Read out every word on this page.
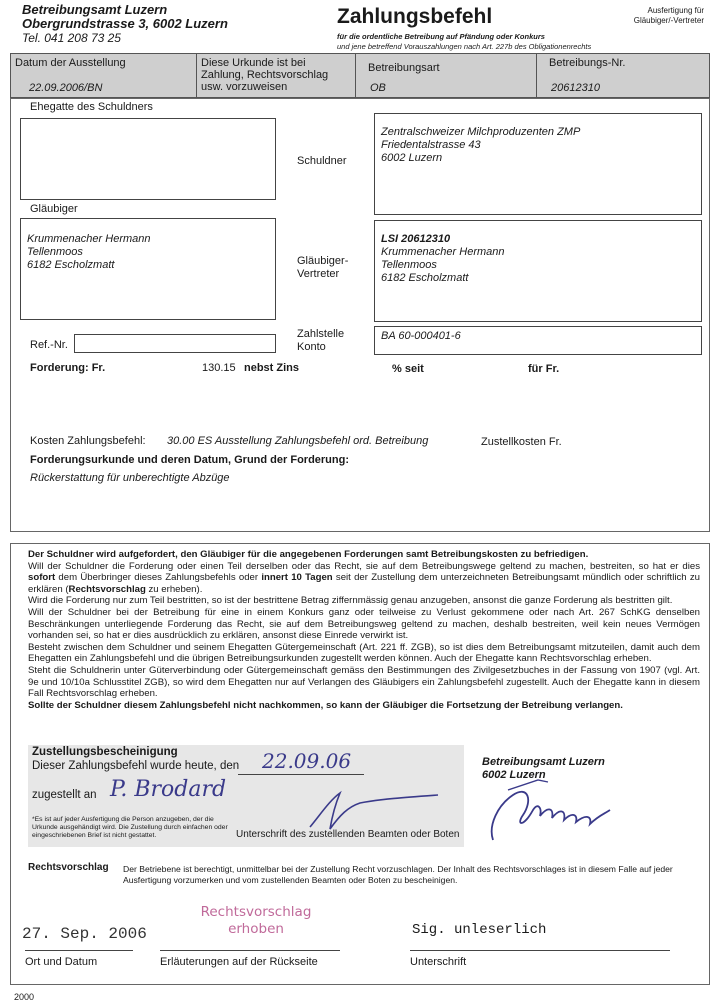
Betreibungsamt Luzern
Obergrundstrasse 3, 6002 Luzern
Tel. 041 208 73 25
Zahlungsbefehl
für die ordentliche Betreibung auf Pfändung oder Konkurs
und jene betreffend Vorauszahlungen nach Art. 227b des Obligationenrechts
Ausfertigung für
Gläubiger/-Vertreter
Datum der Ausstellung
22.09.2006/BN
Diese Urkunde ist bei Zahlung, Rechtsvorschlag usw. vorzuweisen
Betreibungsart
OB
Betreibungs-Nr.
20612310
Ehegatte des Schuldners
Schuldner
Zentralschweizer Milchproduzenten ZMP
Friedentalstrasse 43
6002 Luzern
Gläubiger
Krummenacher Hermann
Tellenmoos
6182 Escholzmatt	Gläubiger-
Vertreter
LSI 20612310
Krummenacher Hermann
Tellenmoos
6182 Escholzmatt
Ref.-Nr.
Zahlstelle
Konto
BA 60-000401-6
Forderung: Fr.	130.15 nebst Zins	% seit	für Fr.
Kosten Zahlungsbefehl: 30.00 ES Ausstellung Zahlungsbefehl ord. Betreibung	Zustellkosten Fr.
Forderungsurkunde und deren Datum, Grund der Forderung:
Rückerstattung für unberechtigte Abzüge

Der Schuldner wird aufgefordert, den Gläubiger für die angegebenen Forderungen samt Betreibungskosten zu befriedigen.

Will der Schuldner die Forderung oder einen Teil derselben oder das Recht, sie auf dem Betreibungswege geltend zu machen, bestreiten, so hat er dies sofort dem Überbringer dieses Zahlungsbefehls oder innert 10 Tagen seit der Zustellung dem unterzeichneten Betreibungsamt mündlich oder schriftlich zu erklären (Rechtsvorschlag zu erheben).

Wird die Forderung nur zum Teil bestritten, so ist der bestrittene Betrag ziffernmässig genau anzugeben, ansonst die ganze Forderung als bestritten gilt.

Will der Schuldner bei der Betreibung für eine in einem Konkurs ganz oder teilweise zu Verlust gekommene oder nach Art. 267 SchKG denselben Beschränkungen unterliegende Forderung das Recht, sie auf dem Betreibungsweg geltend zu machen, deshalb bestreiten, weil kein neues Vermögen vorhanden sei, so hat er dies ausdrücklich zu erklären, ansonst diese Einrede verwirkt ist.

Besteht zwischen dem Schuldner und seinem Ehegatten Gütergemeinschaft (Art. 221 ff. ZGB), so ist dies dem Betreibungsamt mitzuteilen, damit auch dem Ehegatten ein Zahlungsbefehl und die übrigen Betreibungsurkunden zugestellt werden können. Auch der Ehegatte kann Rechtsvorschlag erheben.

Steht die Schuldnerin unter Güterverbindung oder Gütergemeinschaft gemäss den Bestimmungen des Zivilgesetzbuches in der Fassung von 1907 (vgl. Art. 9e und 10/10a Schlusstitel ZGB), so wird dem Ehegatten nur auf Verlangen des Gläubigers ein Zahlungsbefehl zugestellt. Auch der Ehegatte kann in diesem Fall Rechtsvorschlag erheben.

Sollte der Schuldner diesem Zahlungsbefehl nicht nachkommen, so kann der Gläubiger die Fortsetzung der Betreibung verlangen.

Zustellungsbescheinigung
Dieser Zahlungsbefehl wurde heute, den 22.09.06
zugestellt an P. Brodard
*Es ist auf jeder Ausfertigung die Person anzugeben, der die Urkunde ausgehändigt wird. Die Zustellung durch einfachen oder eingeschriebenen Brief ist nicht gestattet.	Unterschrift des zustellenden Beamten oder Boten
Betreibungsamt Luzern
6002 Luzern
Rechtsvorschlag Der Betriebene ist berechtigt, unmittelbar bei der Zustellung Recht vorzuschlagen. Der Inhalt des Rechtsvorschlages ist in diesem Falle auf jeder Ausfertigung vorzumerken und vom zustellenden Beamten oder Boten zu bescheinigen.
27. Sep. 2006
Rechtsvorschlag
erhoben	Sig. unleserlich
Ort und Datum	Erläuterungen auf der Rückseite	Unterschrift
2000
